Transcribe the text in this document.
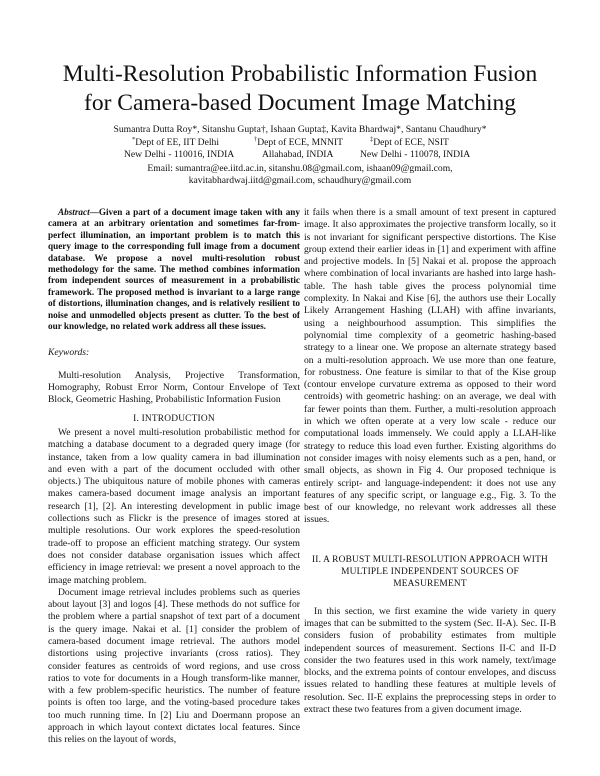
Multi-Resolution Probabilistic Information Fusion
for Camera-based Document Image Matching
Sumantra Dutta Roy*, Sitanshu Gupta†, Ishaan Gupta‡, Kavita Bhardwaj*, Santanu Chaudhury*
*Dept of EE, IIT Delhi	†Dept of ECE, MNNIT	‡Dept of ECE, NSIT
New Delhi - 110016, INDIA	Allahabad, INDIA	New Delhi - 110078, INDIA
Email: sumantra@ee.iitd.ac.in, sitanshu.08@gmail.com, ishaan09@gmail.com,
kavitabhardwaj.iitd@gmail.com, schaudhury@gmail.com

Abstract—Given a part of a document image taken with any camera at an arbitrary orientation and sometimes far-from-perfect illumination, an important problem is to match this query image to the corresponding full image from a document database. We propose a novel multi-resolution robust methodology for the same. The method combines information from independent sources of measurement in a probabilistic framework. The proposed method is invariant to a large range of distortions, illumination changes, and is relatively resilient to noise and unmodelled objects present as clutter. To the best of our knowledge, no related work address all these issues.

Keywords:

Multi-resolution Analysis, Projective Transformation, Homography, Robust Error Norm, Contour Envelope of Text Block, Geometric Hashing, Probabilistic Information Fusion

I. INTRODUCTION

We present a novel multi-resolution probabilistic method for matching a database document to a degraded query image (for instance, taken from a low quality camera in bad illumination and even with a part of the document occluded with other objects.) The ubiquitous nature of mobile phones with cameras makes camera-based document image analysis an important research [1], [2]. An interesting development in public image collections such as Flickr is the presence of images stored at multiple resolutions. Our work explores the speed-resolution trade-off to propose an efficient matching strategy. Our system does not consider database organisation issues which affect efficiency in image retrieval: we present a novel approach to the image matching problem.

Document image retrieval includes problems such as queries about layout [3] and logos [4]. These methods do not suffice for the problem where a partial snapshot of text part of a document is the query image. Nakai et al. [1] consider the problem of camera-based document image retrieval. The authors model distortions using projective invariants (cross ratios). They consider features as centroids of word regions, and use cross ratios to vote for documents in a Hough transform-like manner, with a few problem-specific heuristics. The number of feature points is often too large, and the voting-based procedure takes too much running time. In [2] Liu and Doermann propose an approach in which layout context dictates local features. Since this relies on the layout of words,

it fails when there is a small amount of text present in captured image. It also approximates the projective transform locally, so it is not invariant for significant perspective distortions. The Kise group extend their earlier ideas in [1] and experiment with affine and projective models. In [5] Nakai et al. propose the approach where combination of local invariants are hashed into large hash-table. The hash table gives the process polynomial time complexity. In Nakai and Kise [6], the authors use their Locally Likely Arrangement Hashing (LLAH) with affine invariants, using a neighbourhood assumption. This simplifies the polynomial time complexity of a geometric hashing-based strategy to a linear one. We propose an alternate strategy based on a multi-resolution approach. We use more than one feature, for robustness. One feature is similar to that of the Kise group (contour envelope curvature extrema as opposed to their word centroids) with geometric hashing: on an average, we deal with far fewer points than them. Further, a multi-resolution approach in which we often operate at a very low scale - reduce our computational loads immensely. We could apply a LLAH-like strategy to reduce this load even further. Existing algorithms do not consider images with noisy elements such as a pen, hand, or small objects, as shown in Fig 4. Our proposed technique is entirely script- and language-independent: it does not use any features of any specific script, or language e.g., Fig. 3. To the best of our knowledge, no relevant work addresses all these issues.

II. A ROBUST MULTI-RESOLUTION APPROACH WITH
MULTIPLE INDEPENDENT SOURCES OF MEASUREMENT

In this section, we first examine the wide variety in query images that can be submitted to the system (Sec. II-A). Sec. II-B considers fusion of probability estimates from multiple independent sources of measurement. Sections II-C and II-D consider the two features used in this work namely, text/image blocks, and the extrema points of contour envelopes, and discuss issues related to handling these features at multiple levels of resolution. Sec. II-E explains the preprocessing steps in order to extract these two features from a given document image.
